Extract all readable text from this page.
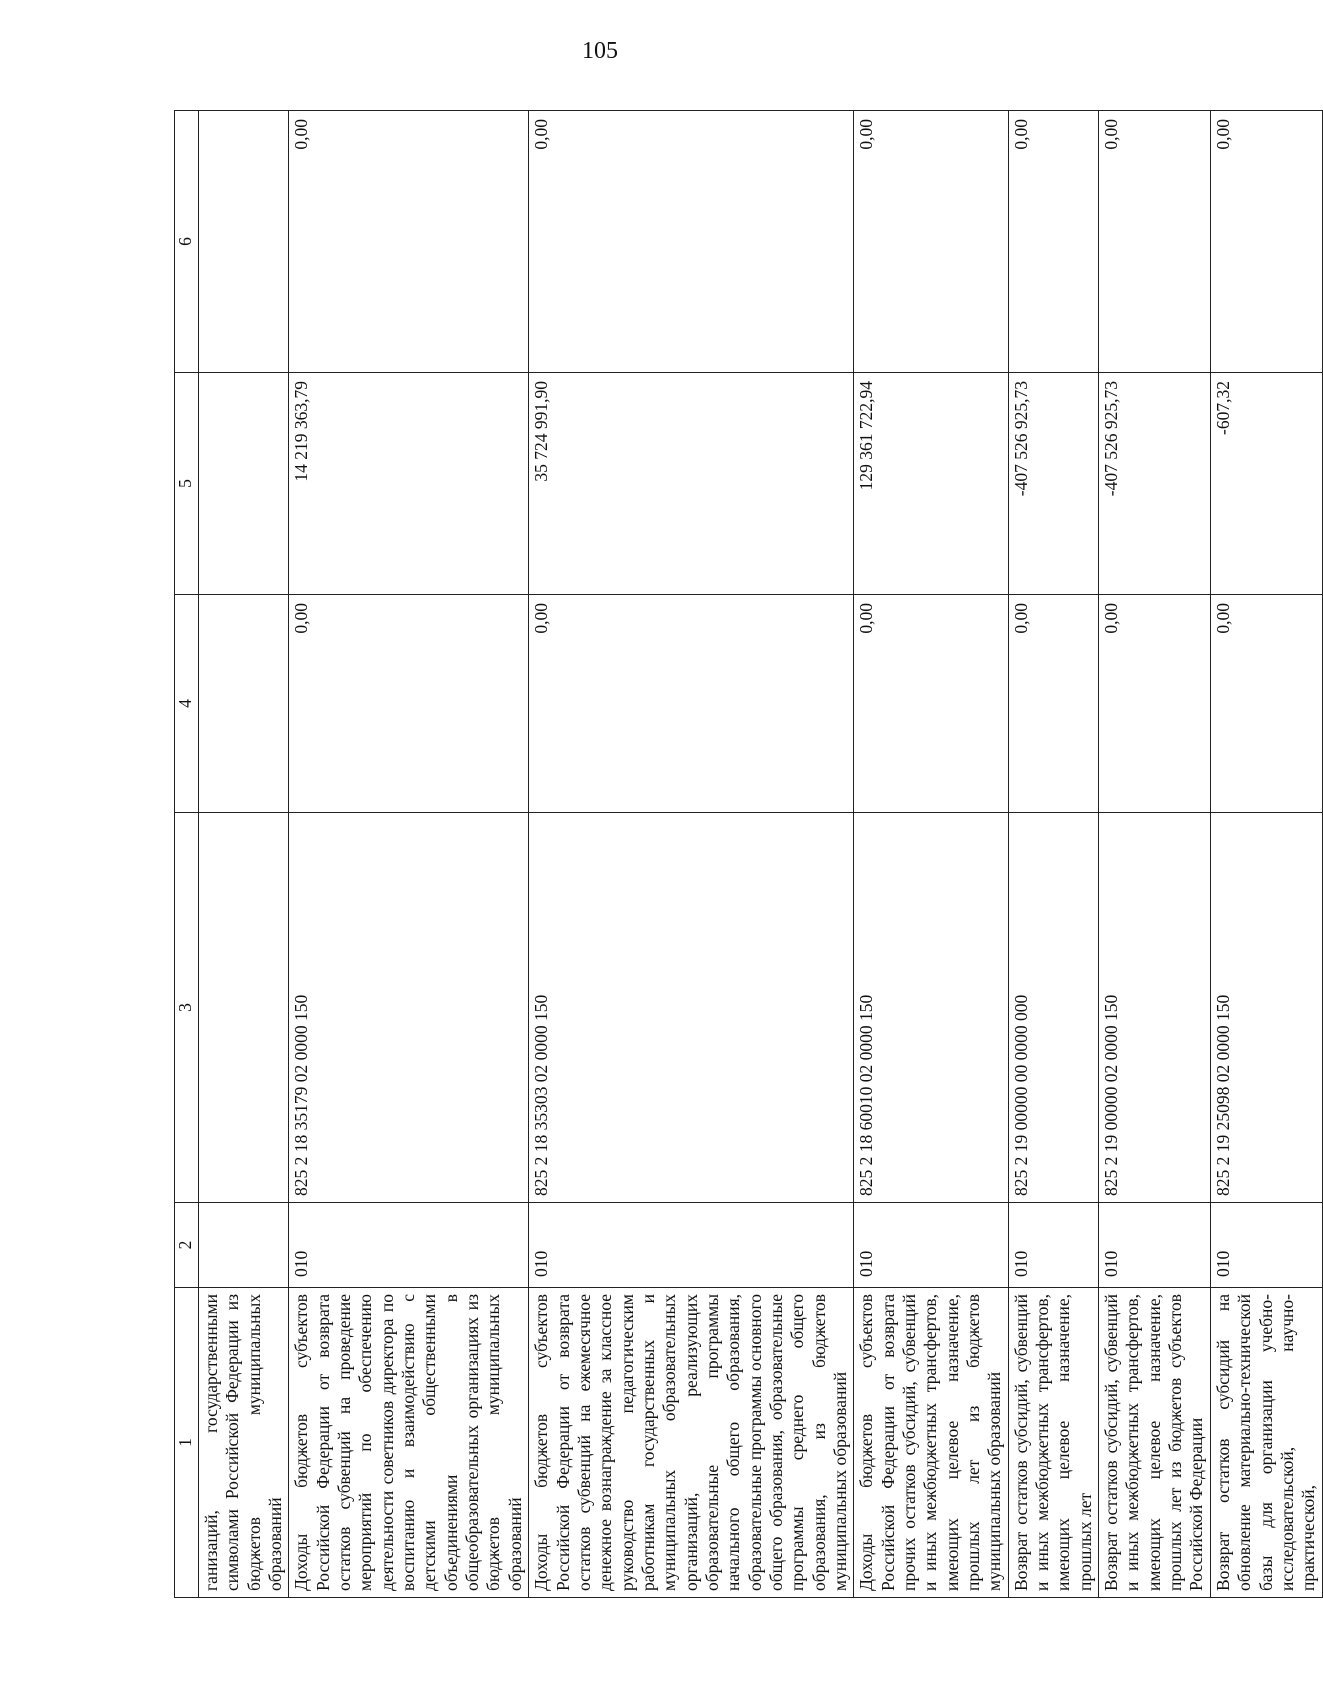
105
1	2	3	4	5	6
ганизаций, государственными символами Российской Федерации из бюджетов муниципальных образований					
Доходы бюджетов субъектов Российской Федерации от возврата остатков субвенций на проведение мероприятий по обеспечению деятельности советников директора по воспитанию и взаимодействию с детскими общественными объединениями в общеобразовательных организациях из бюджетов муниципальных образований	010	825 2 18 35179 02 0000 150	0,00	14 219 363,79	0,00
Доходы бюджетов субъектов Российской Федерации от возврата остатков субвенций на ежемесячное денежное вознаграждение за классное руководство педагогическим работникам государственных и муниципальных образовательных организаций, реализующих образовательные программы начального общего образования, образовательные программы основного общего образования, образовательные программы среднего общего образования, из бюджетов муниципальных образований	010	825 2 18 35303 02 0000 150	0,00	35 724 991,90	0,00
Доходы бюджетов субъектов Российской Федерации от возврата прочих остатков субсидий, субвенций и иных межбюджетных трансфертов, имеющих целевое назначение, прошлых лет из бюджетов муниципальных образований	010	825 2 18 60010 02 0000 150	0,00	129 361 722,94	0,00
Возврат остатков субсидий, субвенций и иных межбюджетных трансфертов, имеющих целевое назначение, прошлых лет	010	825 2 19 00000 00 0000 000	0,00	-407 526 925,73	0,00
Возврат остатков субсидий, субвенций и иных межбюджетных трансфертов, имеющих целевое назначение, прошлых лет из бюджетов субъектов Российской Федерации	010	825 2 19 00000 02 0000 150	0,00	-407 526 925,73	0,00
Возврат остатков субсидий на обновление материально-технической базы для организации учебно-исследовательской, научно-практической,	010	825 2 19 25098 02 0000 150	0,00	-607,32	0,00
